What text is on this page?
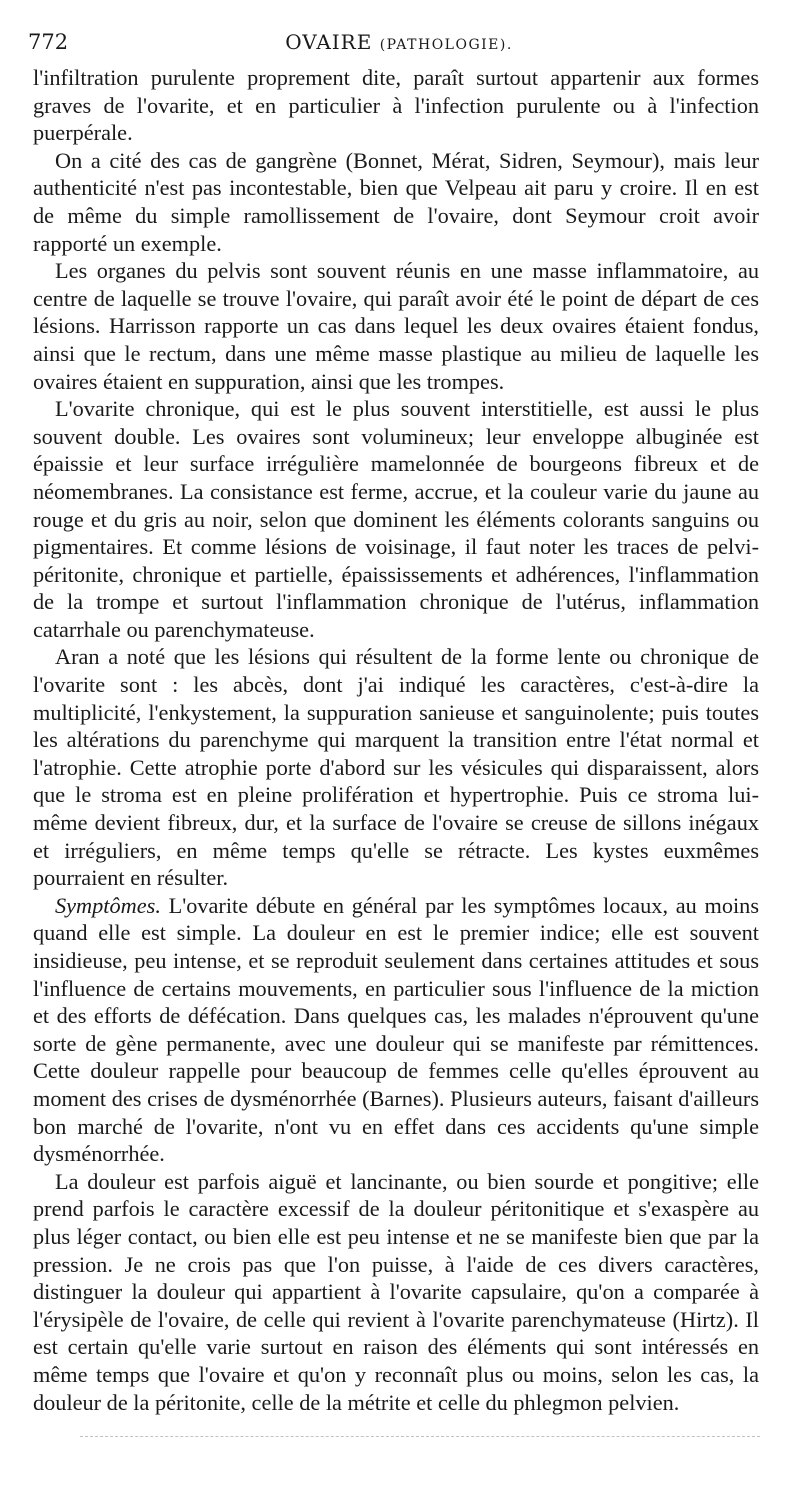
772	OVAIRE (PATHOLOGIE).

l'infiltration purulente proprement dite, paraît surtout appartenir aux formes graves de l'ovarite, et en particulier à l'infection purulente ou à l'infection puerpérale.

On a cité des cas de gangrène (Bonnet, Mérat, Sidren, Seymour), mais leur authenticité n'est pas incontestable, bien que Velpeau ait paru y croire. Il en est de même du simple ramollissement de l'ovaire, dont Seymour croit avoir rapporté un exemple.

Les organes du pelvis sont souvent réunis en une masse inflammatoire, au centre de laquelle se trouve l'ovaire, qui paraît avoir été le point de départ de ces lésions. Harrisson rapporte un cas dans lequel les deux ovaires étaient fondus, ainsi que le rectum, dans une même masse plastique au milieu de laquelle les ovaires étaient en suppuration, ainsi que les trompes.

L'ovarite chronique, qui est le plus souvent interstitielle, est aussi le plus souvent double. Les ovaires sont volumineux; leur enveloppe albuginée est épaissie et leur surface irrégulière mamelonnée de bourgeons fibreux et de néomembranes. La consistance est ferme, accrue, et la couleur varie du jaune au rouge et du gris au noir, selon que dominent les éléments colorants sanguins ou pigmentaires. Et comme lésions de voisinage, il faut noter les traces de pelvi-péritonite, chronique et partielle, épaississements et adhérences, l'inflammation de la trompe et surtout l'inflammation chronique de l'utérus, inflammation catarrhale ou parenchymateuse.

Aran a noté que les lésions qui résultent de la forme lente ou chronique de l'ovarite sont : les abcès, dont j'ai indiqué les caractères, c'est-à-dire la multiplicité, l'enkystement, la suppuration sanieuse et sanguinolente; puis toutes les altérations du parenchyme qui marquent la transition entre l'état normal et l'atrophie. Cette atrophie porte d'abord sur les vésicules qui disparaissent, alors que le stroma est en pleine prolifération et hypertrophie. Puis ce stroma lui-même devient fibreux, dur, et la surface de l'ovaire se creuse de sillons inégaux et irréguliers, en même temps qu'elle se rétracte. Les kystes euxmêmes pourraient en résulter.

Symptômes. L'ovarite débute en général par les symptômes locaux, au moins quand elle est simple. La douleur en est le premier indice; elle est souvent insidieuse, peu intense, et se reproduit seulement dans certaines attitudes et sous l'influence de certains mouvements, en particulier sous l'influence de la miction et des efforts de défécation. Dans quelques cas, les malades n'éprouvent qu'une sorte de gène permanente, avec une douleur qui se manifeste par rémittences. Cette douleur rappelle pour beaucoup de femmes celle qu'elles éprouvent au moment des crises de dysménorrhée (Barnes). Plusieurs auteurs, faisant d'ailleurs bon marché de l'ovarite, n'ont vu en effet dans ces accidents qu'une simple dysménorrhée.

La douleur est parfois aiguë et lancinante, ou bien sourde et pongitive; elle prend parfois le caractère excessif de la douleur péritonitique et s'exaspère au plus léger contact, ou bien elle est peu intense et ne se manifeste bien que par la pression. Je ne crois pas que l'on puisse, à l'aide de ces divers caractères, distinguer la douleur qui appartient à l'ovarite capsulaire, qu'on a comparée à l'érysipèle de l'ovaire, de celle qui revient à l'ovarite parenchymateuse (Hirtz). Il est certain qu'elle varie surtout en raison des éléments qui sont intéressés en même temps que l'ovaire et qu'on y reconnaît plus ou moins, selon les cas, la douleur de la péritonite, celle de la métrite et celle du phlegmon pelvien.
